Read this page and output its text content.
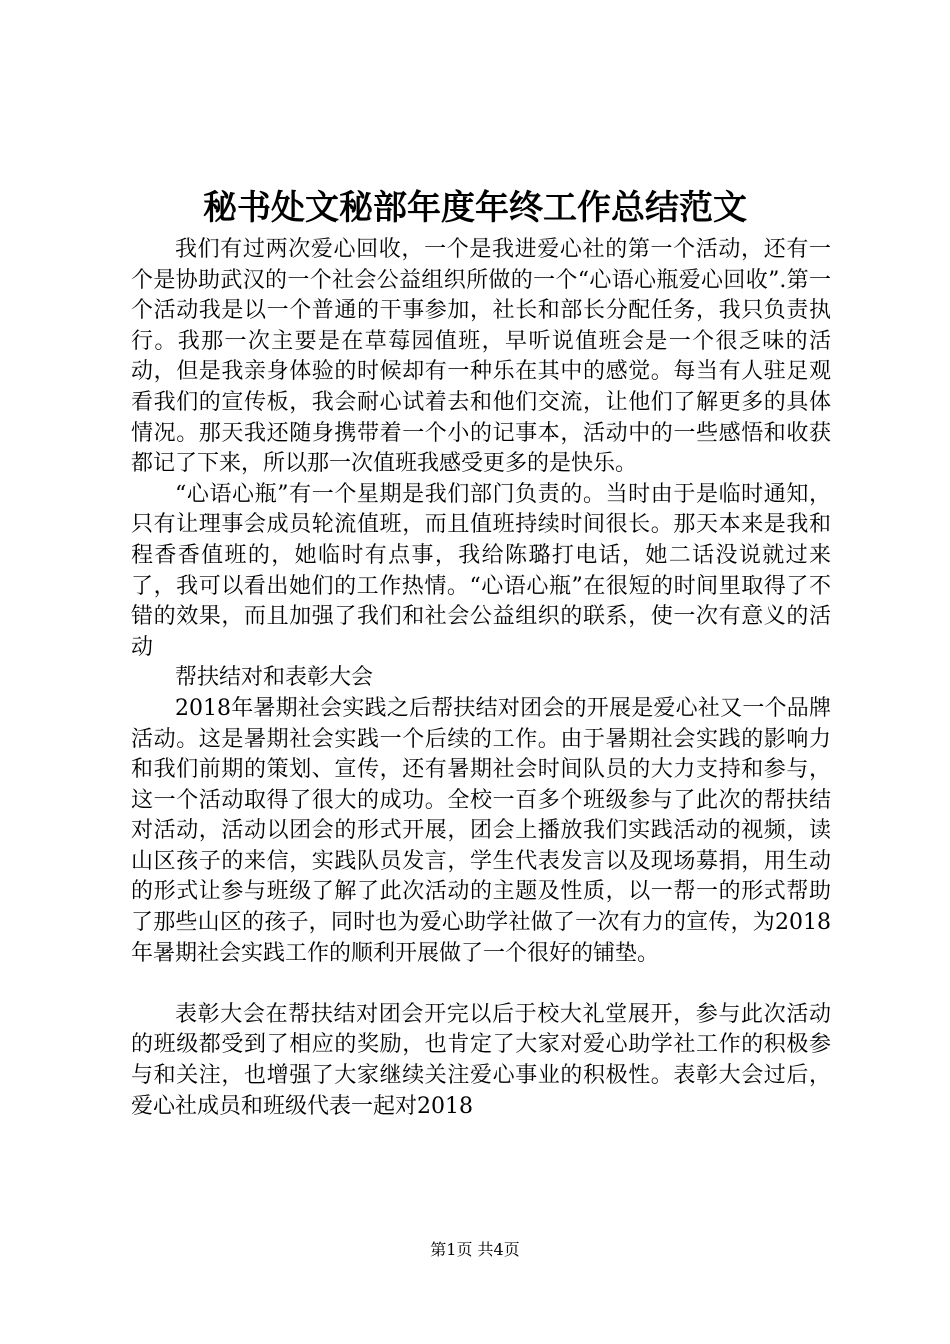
秘书处文秘部年度年终工作总结范文

我们有过两次爱心回收，一个是我进爱心社的第一个活动，还有一个是协助武汉的一个社会公益组织所做的一个“心语心瓶爱心回收”.第一个活动我是以一个普通的干事参加，社长和部长分配任务，我只负责执行。我那一次主要是在草莓园值班，早听说值班会是一个很乏味的活动，但是我亲身体验的时候却有一种乐在其中的感觉。每当有人驻足观看我们的宣传板，我会耐心试着去和他们交流，让他们了解更多的具体情况。那天我还随身携带着一个小的记事本，活动中的一些感悟和收获都记了下来，所以那一次值班我感受更多的是快乐。

“心语心瓶”有一个星期是我们部门负责的。当时由于是临时通知，只有让理事会成员轮流值班，而且值班持续时间很长。那天本来是我和程香香值班的，她临时有点事，我给陈璐打电话，她二话没说就过来了，我可以看出她们的工作热情。“心语心瓶”在很短的时间里取得了不错的效果，而且加强了我们和社会公益组织的联系，使一次有意义的活动

帮扶结对和表彰大会

2018年暑期社会实践之后帮扶结对团会的开展是爱心社又一个品牌活动。这是暑期社会实践一个后续的工作。由于暑期社会实践的影响力和我们前期的策划、宣传，还有暑期社会时间队员的大力支持和参与，这一个活动取得了很大的成功。全校一百多个班级参与了此次的帮扶结对活动，活动以团会的形式开展，团会上播放我们实践活动的视频，读山区孩子的来信，实践队员发言，学生代表发言以及现场募捐，用生动的形式让参与班级了解了此次活动的主题及性质，以一帮一的形式帮助了那些山区的孩子，同时也为爱心助学社做了一次有力的宣传，为2018年暑期社会实践工作的顺利开展做了一个很好的铺垫。

表彰大会在帮扶结对团会开完以后于校大礼堂展开，参与此次活动的班级都受到了相应的奖励，也肯定了大家对爱心助学社工作的积极参与和关注，也增强了大家继续关注爱心事业的积极性。表彰大会过后，爱心社成员和班级代表一起对2018

第1页 共4页
